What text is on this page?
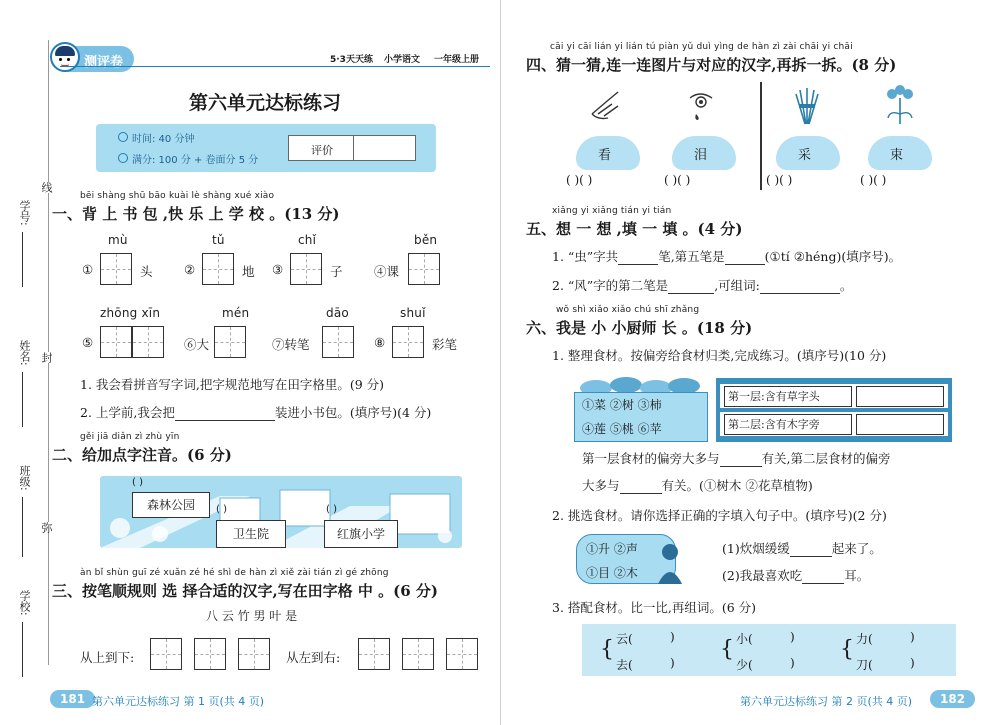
学号:
姓名:
班级:
学校:
线
封
弥
测评卷	5·3天天练 小学语文 一年级上册
第六单元达标练习
时间: 40 分钟
满分: 100 分 + 卷面分 5 分
评价
bēi shàng shū bāo kuài lè shàng xué xiào
一、背 上 书 包 ,快 乐 上 学 校 。(13 分)
mù
①	头
tǔ
②	地
chǐ
③	子
běn
④课
zhōng xīn
⑤
mén
⑥大
dāo
⑦转笔
shuǐ
⑧	彩笔
1. 我会看拼音写字词,把字规范地写在田字格里。(9 分)
2. 上学前,我会把	装进小书包。(填序号)(4 分)
gěi jiā diǎn zì zhù yīn
二、给加点字注音。(6 分)
( )
森林公园	( )
卫生院
( )
红旗小学
àn bǐ shùn guī zé xuǎn zé hé shì de hàn zì xiě zài tián zì gé zhōng
三、按笔顺规则 选 择合适的汉字,写在田字格 中 。(6 分)
八 云 竹 男 叶 是
从上到下:	从左到右:
181 第六单元达标练习 第 1 页(共 4 页)
cāi yi cāi lián yi lián tú piàn yǔ duì yìng de hàn zì zài chāi yi chāi
四、猜一猜,连一连图片与对应的汉字,再拆一拆。(8 分)
看	泪	采	束
( )( )	( )( )	( )( )	( )( )
xiǎng yi xiǎng tián yi tián
五、想 一 想 ,填 一 填 。(4 分)
1. “虫”字共	笔,第五笔是	(①tí ②héng)(填序号)。
2. “风”字的第二笔是	,可组词:	。
wǒ shì xiǎo xiǎo chú shī zhǎng
六、我是 小 小厨师 长 。(18 分)
1. 整理食材。按偏旁给食材归类,完成练习。(填序号)(10 分)
①菜 ②树 ③柿
④莲 ⑤桃 ⑥苹
第一层:含有草字头
第二层:含有木字旁
第一层食材的偏旁大多与	有关,第二层食材的偏旁
大多与	有关。(①树木 ②花草植物)
2. 挑选食材。请你选择正确的字填入句子中。(填序号)(2 分)
①升 ②声
①目 ②木
(1)炊烟缓缓	起来了。
(2)我最喜欢吃	耳。
3. 搭配食材。比一比,再组词。(6 分)
{ 云(	)
去(	)
{ 小(	)
少(	)
{ 力(	)
刀(	)
第六单元达标练习 第 2 页(共 4 页)	182
